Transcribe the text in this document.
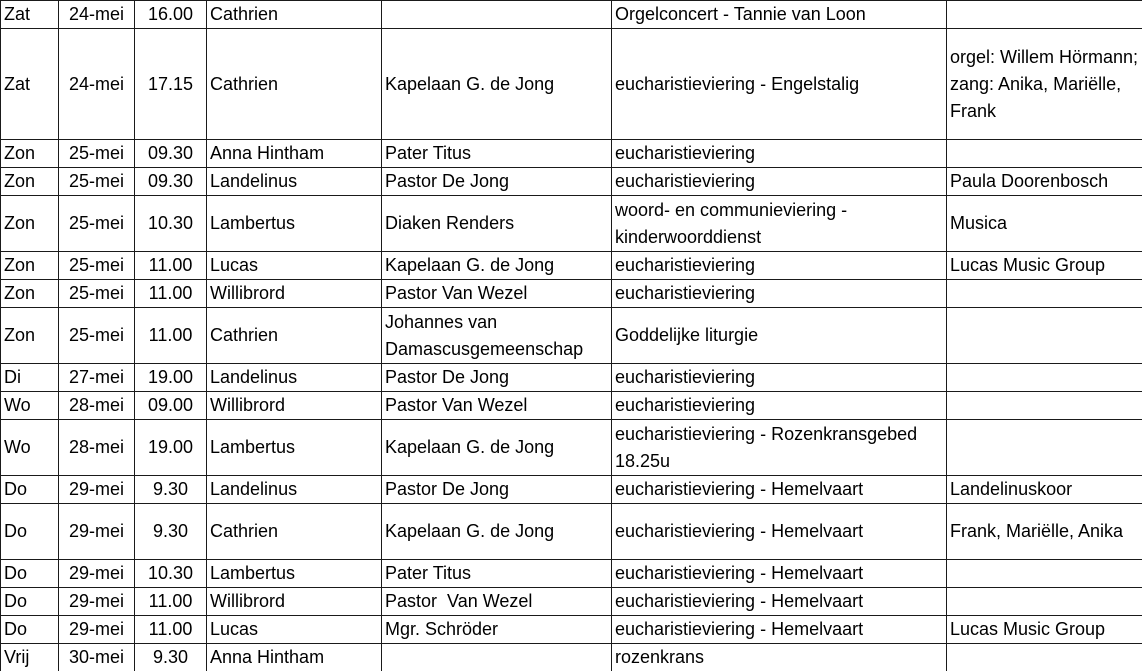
Zat	24-mei	16.00	Cathrien		Orgelconcert - Tannie van Loon	
Zat	24-mei	17.15	Cathrien	Kapelaan G. de Jong	eucharistieviering - Engelstalig	orgel: Willem Hörmann; zang: Anika, Mariëlle, Frank
Zon	25-mei	09.30	Anna Hintham	Pater Titus	eucharistieviering	
Zon	25-mei	09.30	Landelinus	Pastor De Jong	eucharistieviering	Paula Doorenbosch
Zon	25-mei	10.30	Lambertus	Diaken Renders	woord- en communieviering - kinderwoorddienst	Musica
Zon	25-mei	11.00	Lucas	Kapelaan G. de Jong	eucharistieviering	Lucas Music Group
Zon	25-mei	11.00	Willibrord	Pastor Van Wezel	eucharistieviering	
Zon	25-mei	11.00	Cathrien	Johannes van Damascusgemeenschap	Goddelijke liturgie	
Di	27-mei	19.00	Landelinus	Pastor De Jong	eucharistieviering	
Wo	28-mei	09.00	Willibrord	Pastor Van Wezel	eucharistieviering	
Wo	28-mei	19.00	Lambertus	Kapelaan G. de Jong	eucharistieviering - Rozenkransgebed 18.25u	
Do	29-mei	9.30	Landelinus	Pastor De Jong	eucharistieviering - Hemelvaart	Landelinuskoor
Do	29-mei	9.30	Cathrien	Kapelaan G. de Jong	eucharistieviering - Hemelvaart	Frank, Mariëlle, Anika
Do	29-mei	10.30	Lambertus	Pater Titus	eucharistieviering - Hemelvaart	
Do	29-mei	11.00	Willibrord	Pastor  Van Wezel	eucharistieviering - Hemelvaart	
Do	29-mei	11.00	Lucas	Mgr. Schröder	eucharistieviering - Hemelvaart	Lucas Music Group
Vrij	30-mei	9.30	Anna Hintham		rozenkrans	
